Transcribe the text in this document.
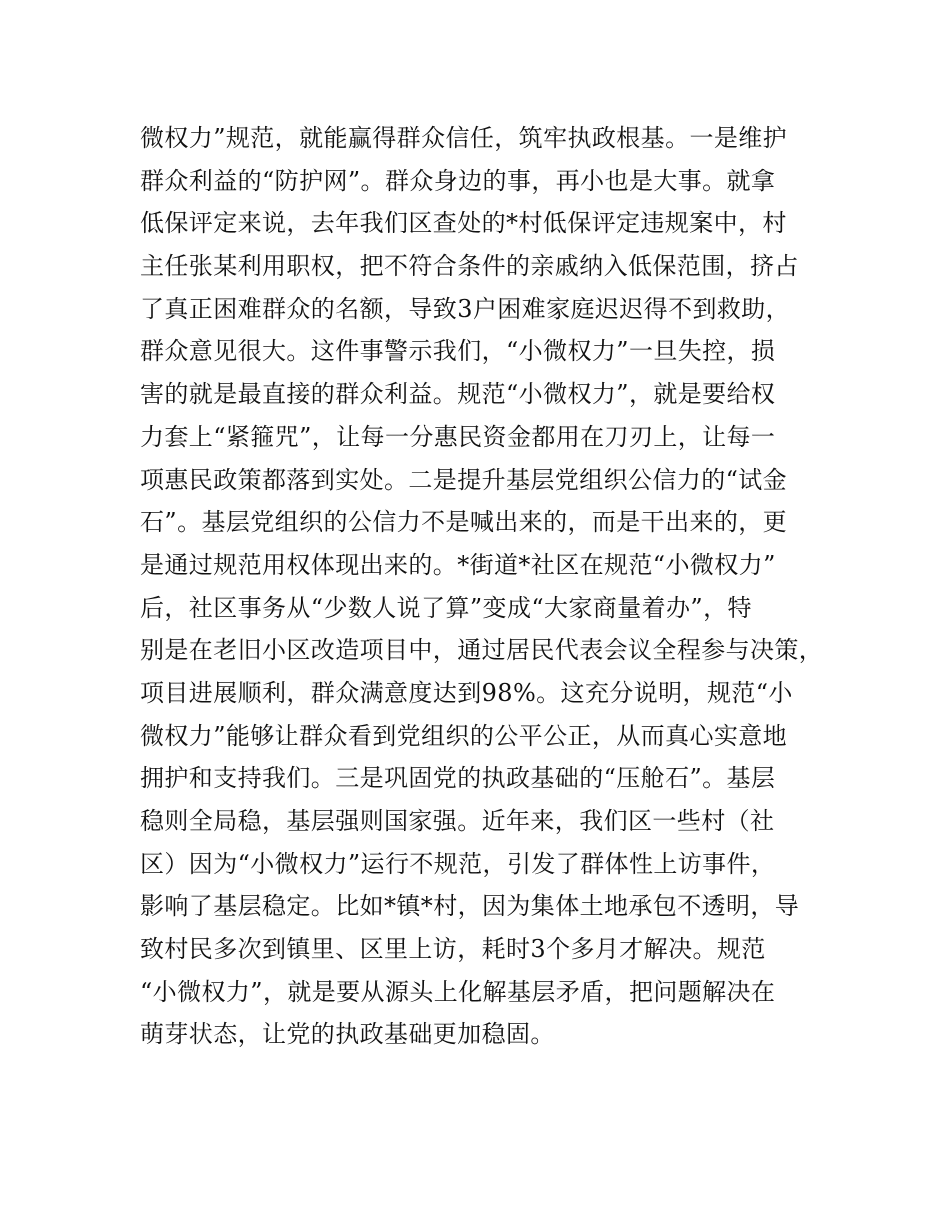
微权力”规范，就能赢得群众信任，筑牢执政根基。一是维护
群众利益的“防护网”。群众身边的事，再小也是大事。就拿
低保评定来说，去年我们区查处的*村低保评定违规案中，村
主任张某利用职权，把不符合条件的亲戚纳入低保范围，挤占
了真正困难群众的名额，导致3户困难家庭迟迟得不到救助，
群众意见很大。这件事警示我们，“小微权力”一旦失控，损
害的就是最直接的群众利益。规范“小微权力”，就是要给权
力套上“紧箍咒”，让每一分惠民资金都用在刀刃上，让每一
项惠民政策都落到实处。二是提升基层党组织公信力的“试金
石”。基层党组织的公信力不是喊出来的，而是干出来的，更
是通过规范用权体现出来的。*街道*社区在规范“小微权力”
后，社区事务从“少数人说了算”变成“大家商量着办”，特
别是在老旧小区改造项目中，通过居民代表会议全程参与决策，
项目进展顺利，群众满意度达到98%。这充分说明，规范“小
微权力”能够让群众看到党组织的公平公正，从而真心实意地
拥护和支持我们。三是巩固党的执政基础的“压舱石”。基层
稳则全局稳，基层强则国家强。近年来，我们区一些村（社
区）因为“小微权力”运行不规范，引发了群体性上访事件，
影响了基层稳定。比如*镇*村，因为集体土地承包不透明，导
致村民多次到镇里、区里上访，耗时3个多月才解决。规范
“小微权力”，就是要从源头上化解基层矛盾，把问题解决在
萌芽状态，让党的执政基础更加稳固。
